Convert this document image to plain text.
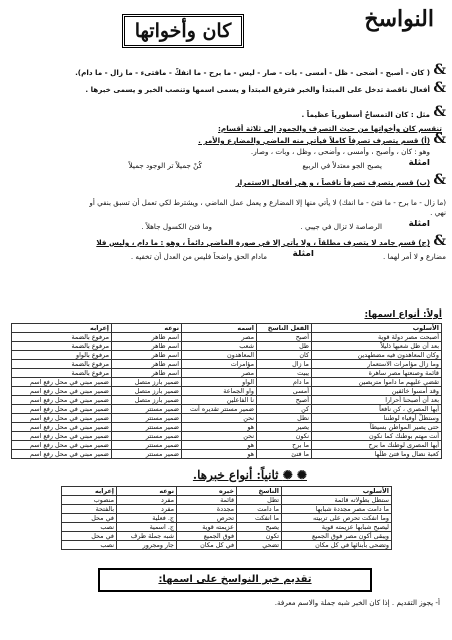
النواسخ
كان وأخواتها
&
( كان - أصبح - أضحى - ظل - أمسى - بات - صار - ليس - ما برح - ما انفكّ - مافتىء - ما زال - ما دام).
&
أفعال ناقصة تدخل على المبتدأ والخبر فترفع المبتدأ و يسمى اسمها وتنصب الخبر و يسمى خبرها .
&
مثل : كان التمساحُ أسطورياً عظيماً .
تنقسم كان وأخواتها من حيث التصرف والجمود إلى ثلاثة أقسام:
&
(أ) قسم يتصرف تصرفاً كاملاً فيأتي منه الماضي والمضارع والأمر .
وهو : كان ، وأصبح ، وأمسى ، وأضحى ، وظل ، وبات ، وصار.
أمثلة
يصبح الجو معتدلاً في الربيع
كُنْ جميلاً تر الوجود جميلاً
&
(ب) قسم يتصرف تصرفاً ناقصاً ، و هي أفعال الاستمرار
(ما زال - ما برح - ما فتئ - ما انفك) لا يأتي منها إلا المضارع و يعمل عمل الماضي ، ويشترط لكي تعمل أن تسبق بنفي أو
نهي .
أمثلة
الرصاصة لا تزال في جيبي .
وما فتئ الكسول جاهلاً .
&
(ج) قسم جامد لا يتصرف مطلقاً ، ولا يأتي إلا في صورة الماضي دائماً ، وهو : ما دام ، وليس فلا
مضارع و لا أمر لهما .
أمثلة
مادام الحق واضحاً فليس من العدل أن تخفيه .
أولاً: أنواع اسمها:
الأسلوب	الفعل الناسخ	اسمه	نوعه	إعرابه
أصبحت مصر دولة قوية	أصبح	مصر	اسم ظاهر	مرفوع بالضمة
بعد أن ظل شعبها ذليلاً	ظل	شعب	اسم ظاهر	مرفوع بالضمة
وكان المعاهدون فيه مضطهدين	كان	المعاهدون	اسم ظاهر	مرفوع بالواو
وما زال مؤامرات الاستعمار	ما زال	مؤامرات	اسم ظاهر	مرفوع بالضمة
قائمة وصنعتها مصر ساهرة	يبيت	مصر	اسم ظاهر	مرفوع بالضمة
تقضي عليهم ما داموا متربصين	ما دام	الواو	ضمير بارز متصل	ضمير مبني في محل رفع اسم
وقد أمسوا خائفين	أمسى	واو الجماعة	ضمير بارز متصل	ضمير مبني في محل رفع اسم
بعد أن أصبحنا أحرارا	أصبح	نا الفاعلين	ضمير بارز متصل	ضمير مبني في محل رفع اسم
أيها المصري ، كن نافعاً	كن	ضمير مستتر تقديره أنت	ضمير مستتر	ضمير مبني في محل رفع اسم
وستظلّ أوفياء لوطننا	نظل	نحن	ضمير مستتر	ضمير مبني في محل رفع اسم
حتى يصير المواطن بسيطاً	يصير	هو	ضمير مستتر	ضمير مبني في محل رفع اسم
أنت مهتم بوطنك كما نكون	نكون	نحن	ضمير مستتر	ضمير مبني في محل رفع اسم
أيها المصرى لوطنك ما برح	ما برح	هو	ضمير مستتر	ضمير مبني في محل رفع اسم
كعبة نضال وما فتئ ظلّها	ما فتئ	هو	ضمير مستتر	ضمير مبني في محل رفع اسم
✺ ✺ ثانياً: أنواع خبرها.
الأسلوب	الناسخ	خبره	نوعه	إعرابه
ستظل بطولاته قائمة	تظل	قائمة	مفرد	منصوب
ما دامت مصر مجددة شبابها	ما دامت	مجددة	مفرد	بالفتحة
وما انفكت تحرص على تربيته	ما انفكت	تحرص	ج. فعلية	في محل
ليصبح شبابها عزيمته قوية	يصبح	عزيمته قوية	ج. اسمية	نصب
ويبقى أكون مصر فوق الجميع	تكون	فوق الجميع	شبه جملة ظرف	في محل
وتضحى بأبنائها في كل مكان	تضحي	في كل مكان	جار ومجرور	نصب
تقديم خبر النواسخ على اسمها:
أ- يجوز التقديم . إذا كان الخبر شبه جملة والاسم معرفة.
